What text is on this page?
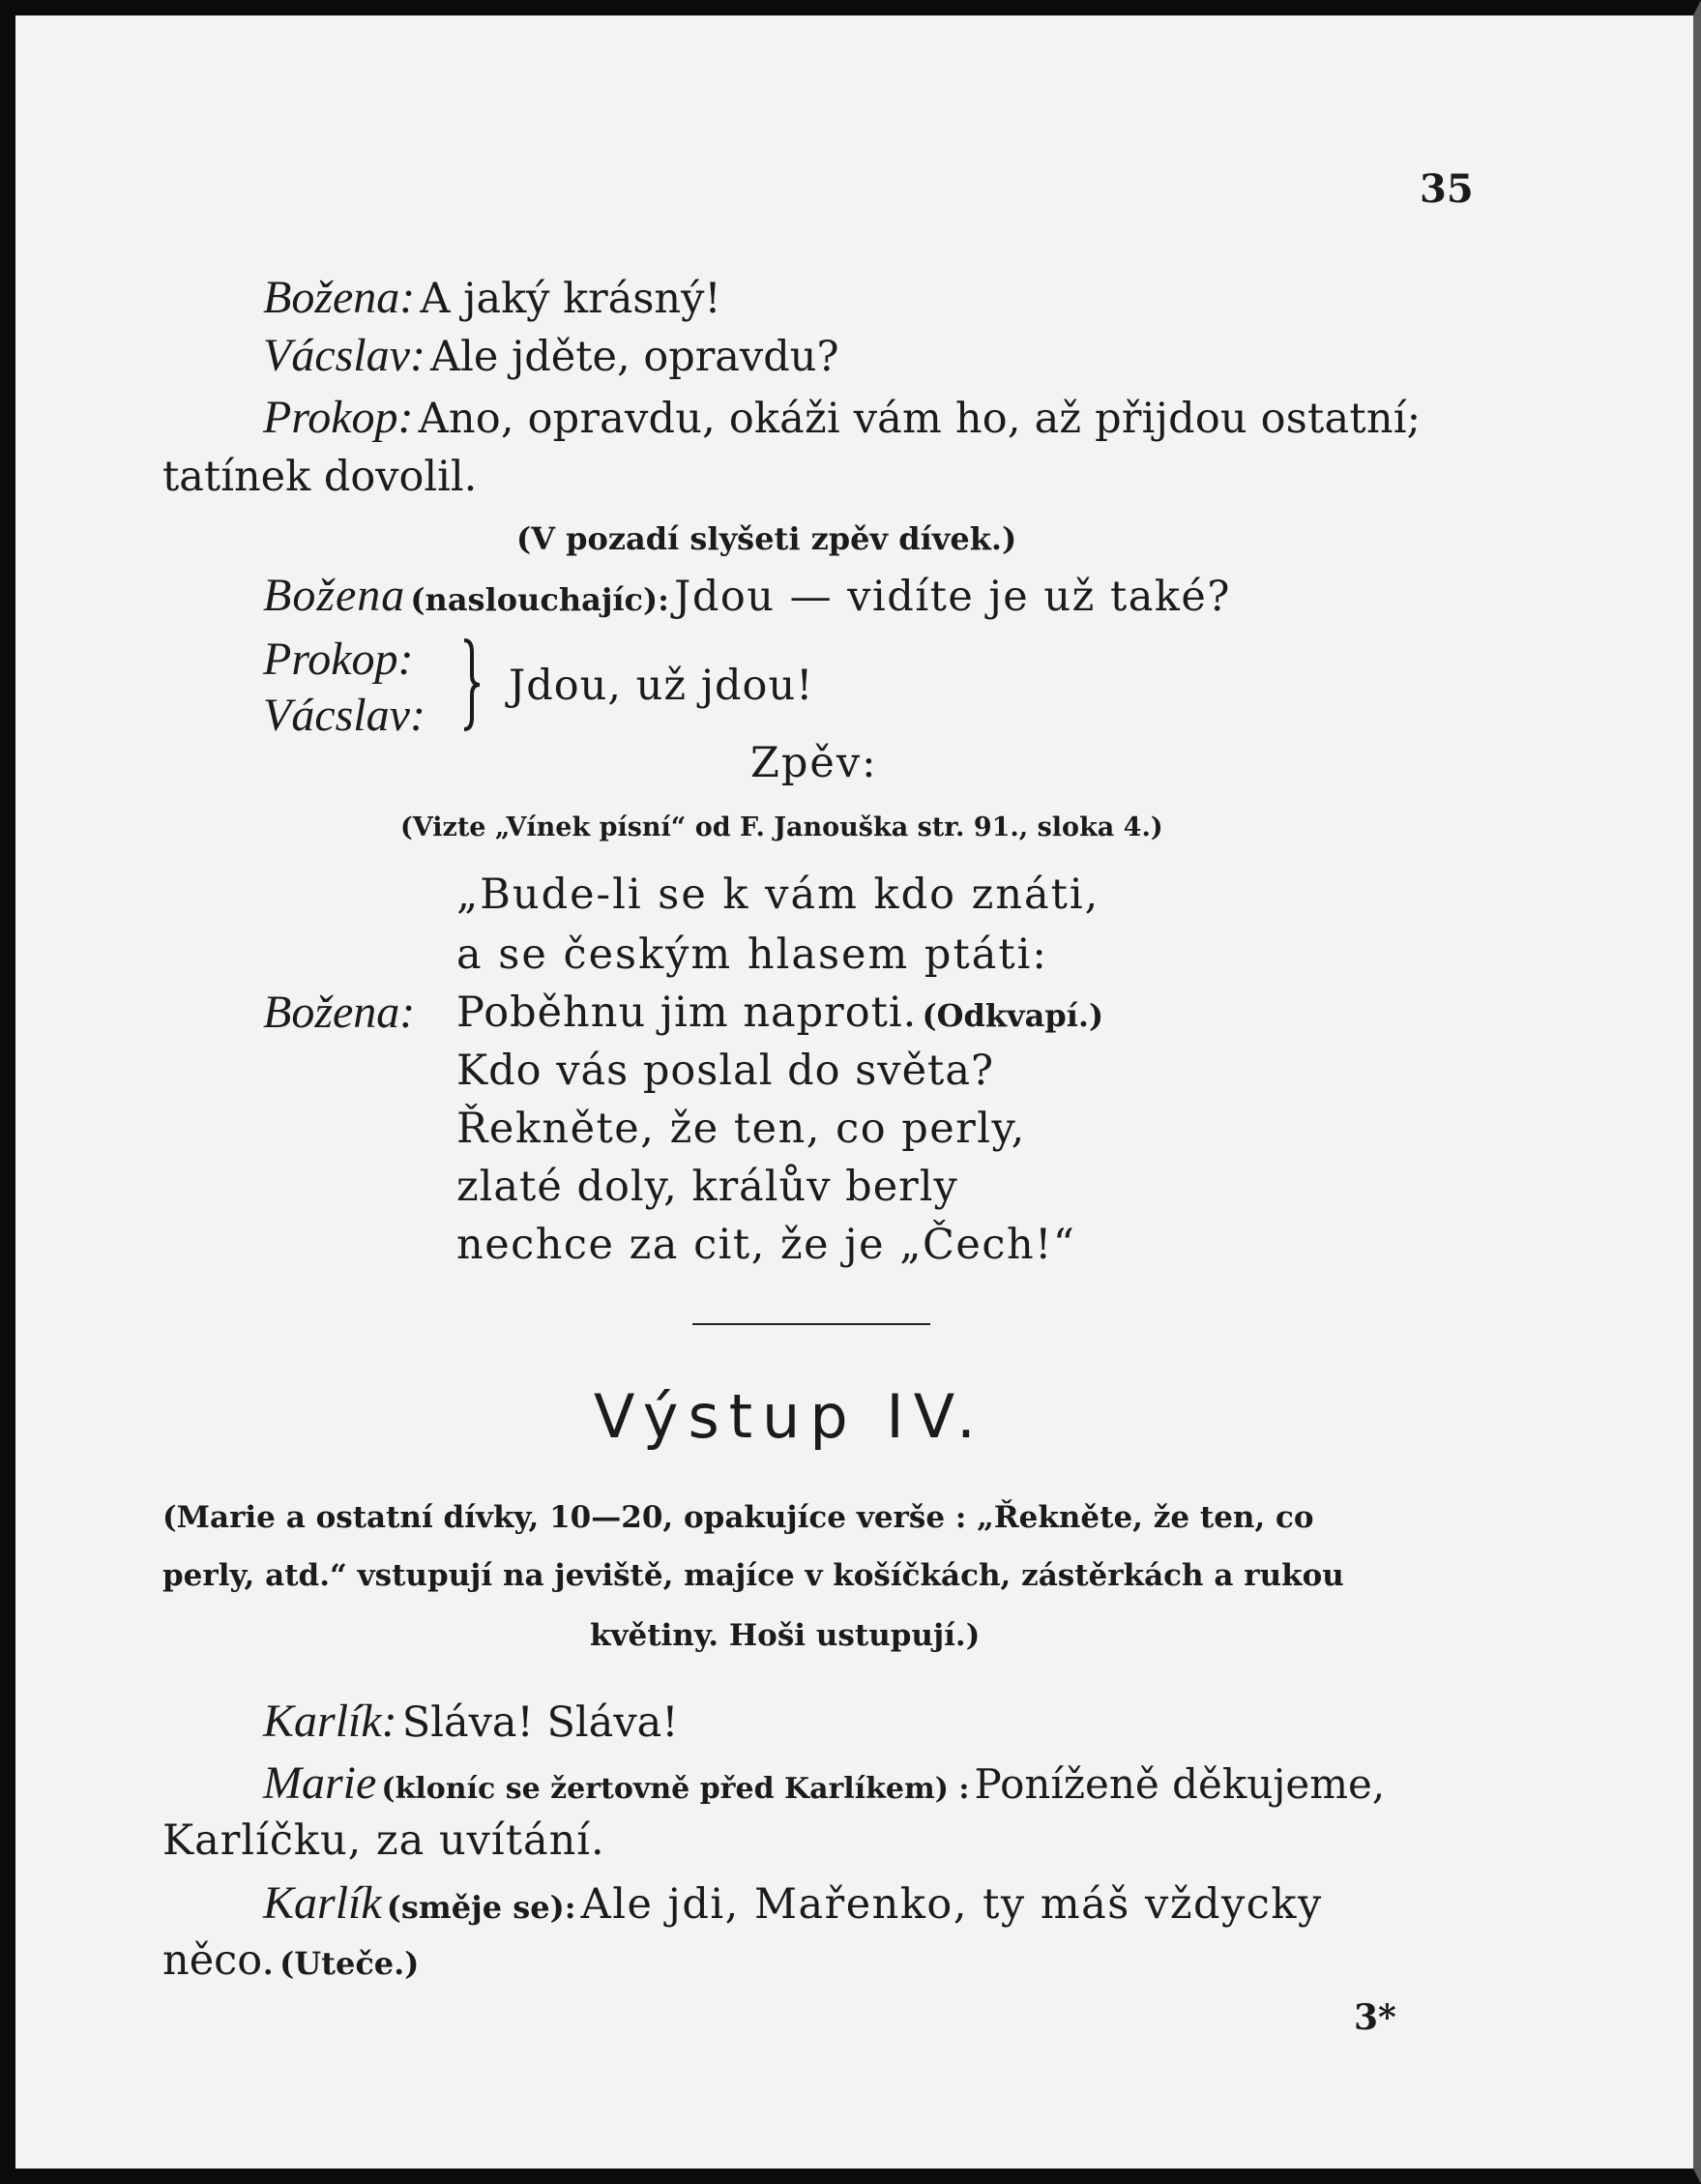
35
Božena: A jaký krásný!
Vácslav: Ale jděte, opravdu?
Prokop: Ano, opravdu, okáži vám ho, až přijdou ostatní;
tatínek dovolil.
(V pozadí slyšeti zpěv dívek.)
Božena (naslouchajíc): Jdou — vidíte je už také?
Prokop:
Vácslav:
Jdou, už jdou!
Zpěv:
(Vizte „Vínek písní“ od F. Janouška str. 91., sloka 4.)
„Bude-li se k vám kdo znáti,
a se českým hlasem ptáti:
Božena: Poběhnu jim naproti. (Odkvapí.)
Kdo vás poslal do světa?
Řekněte, že ten, co perly,
zlaté doly, králův berly
nechce za cit, že je „Čech!“
Výstup IV.
(Marie a ostatní dívky, 10—20, opakujíce verše : „Řekněte, že ten, co
perly, atd.“ vstupují na jeviště, majíce v košíčkách, zástěrkách a rukou
květiny. Hoši ustupují.)
Karlík: Sláva! Sláva!
Marie (kloníc se žertovně před Karlíkem) : Poníženě děkujeme,
Karlíčku, za uvítání.
Karlík (směje se): Ale jdi, Mařenko, ty máš vždycky
něco. (Uteče.)
3*
